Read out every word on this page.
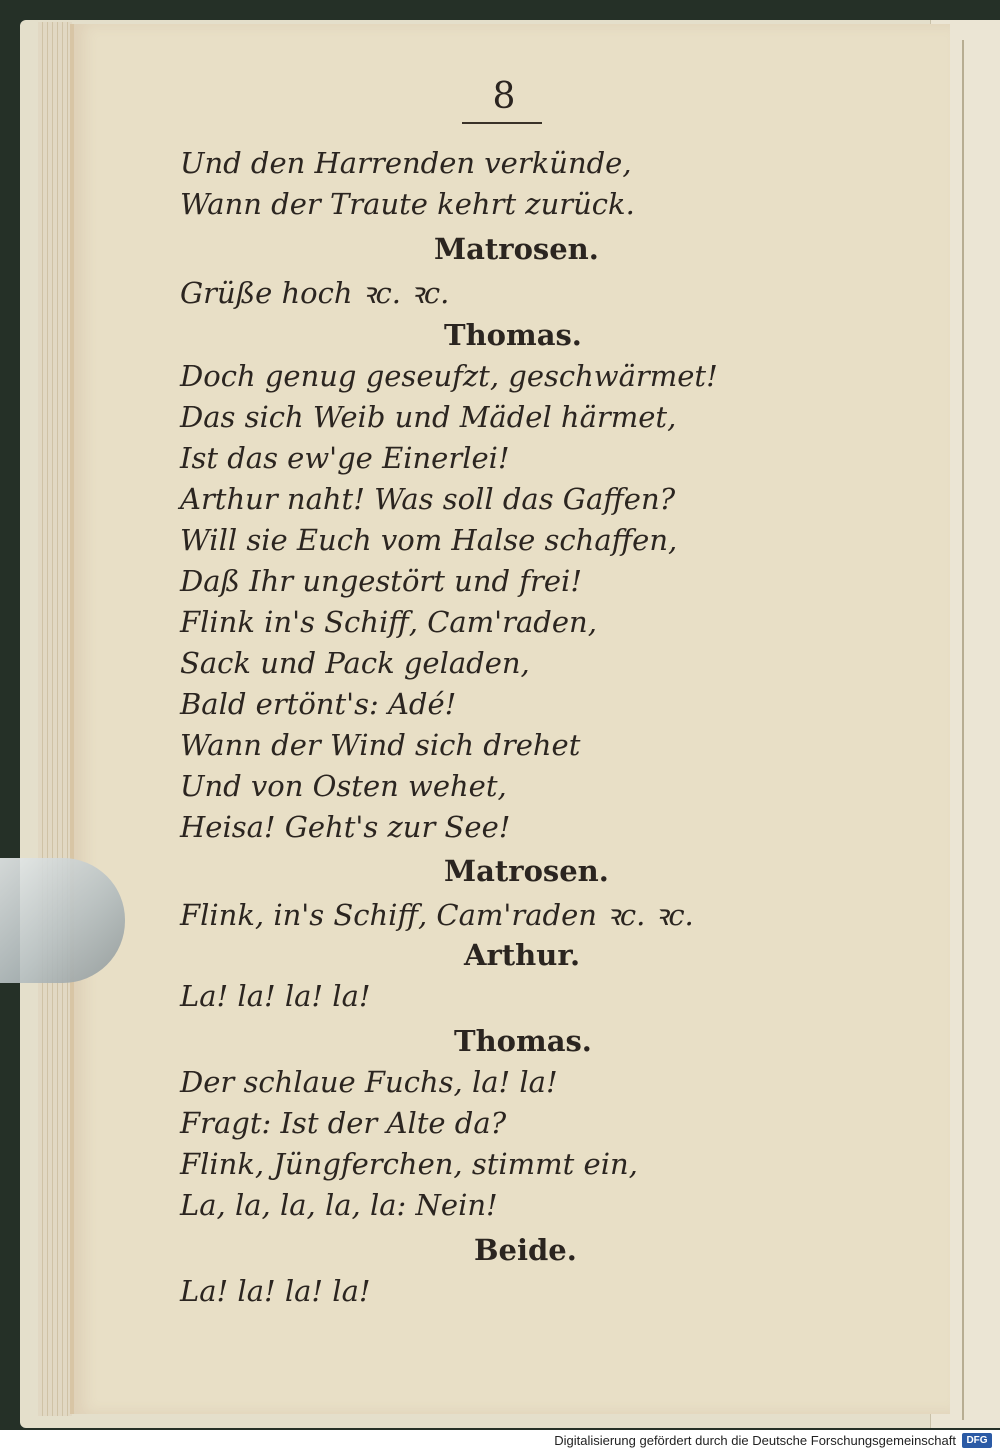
8
Und den Harrenden verkünde,
Wann der Traute kehrt zurück.
Matrosen.
Grüße hoch ꝛc. ꝛc.
Thomas.
Doch genug geseufzt, geschwärmet!
Das sich Weib und Mädel härmet,
Ist das ew'ge Einerlei!
Arthur naht! Was soll das Gaffen?
Will sie Euch vom Halse schaffen,
Daß Ihr ungestört und frei!
Flink in's Schiff, Cam'raden,
Sack und Pack geladen,
Bald ertönt's: Adé!
Wann der Wind sich drehet
Und von Osten wehet,
Heisa! Geht's zur See!
Matrosen.
Flink, in's Schiff, Cam'raden ꝛc. ꝛc.
Arthur.
La! la! la! la!
Thomas.
Der schlaue Fuchs, la! la!
Fragt: Ist der Alte da?
Flink, Jüngferchen, stimmt ein,
La, la, la, la, la: Nein!
Beide.
La! la! la! la!
Digitalisierung gefördert durch die Deutsche Forschungsgemeinschaft	DFG
